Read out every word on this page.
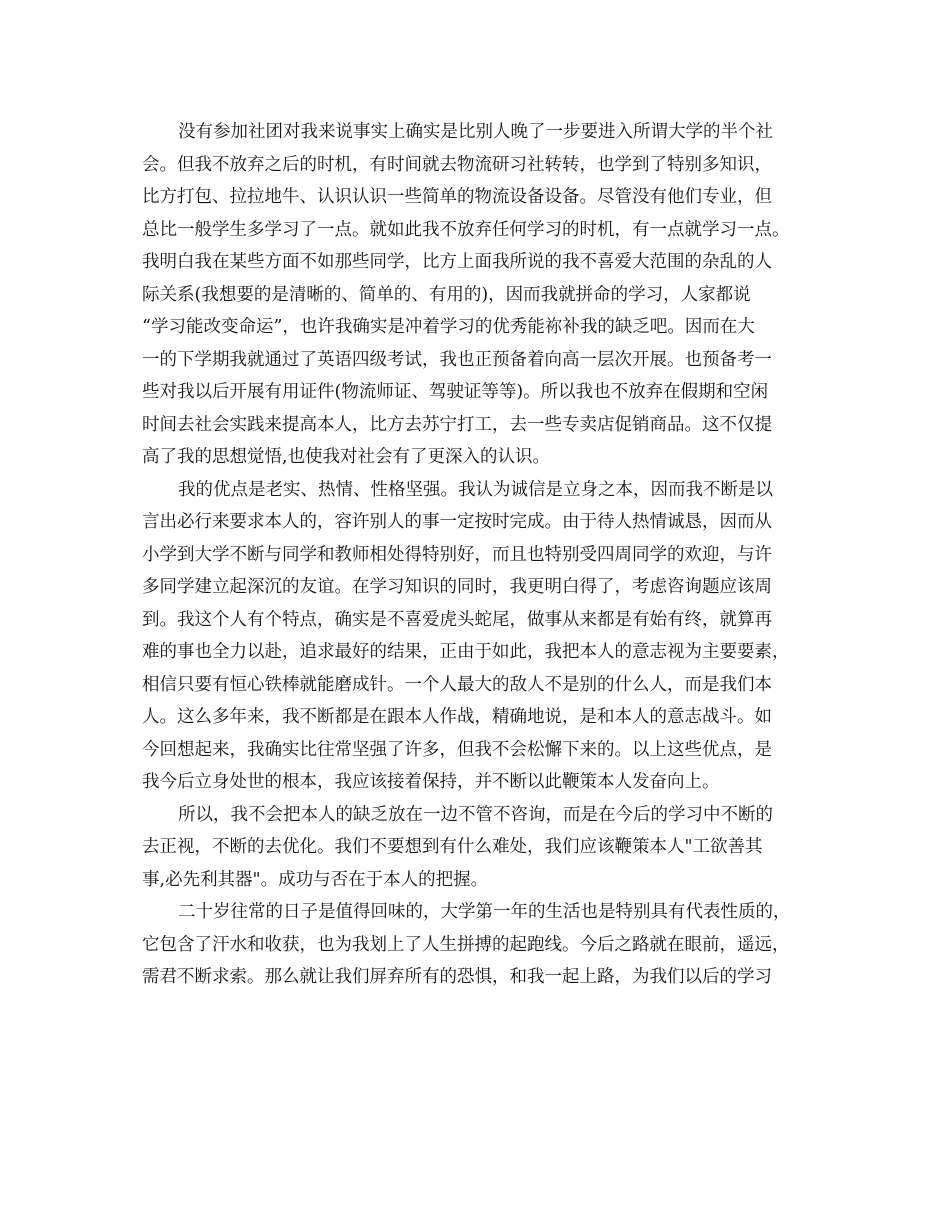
没有参加社团对我来说事实上确实是比别人晚了一步要进入所谓大学的半个社
会。但我不放弃之后的时机，有时间就去物流研习社转转，也学到了特别多知识，
比方打包、拉拉地牛、认识认识一些简单的物流设备设备。尽管没有他们专业，但
总比一般学生多学习了一点。就如此我不放弃任何学习的时机，有一点就学习一点。
我明白我在某些方面不如那些同学，比方上面我所说的我不喜爱大范围的杂乱的人
际关系(我想要的是清晰的、简单的、有用的)，因而我就拼命的学习，人家都说
“学习能改变命运”，也许我确实是冲着学习的优秀能祢补我的缺乏吧。因而在大
一的下学期我就通过了英语四级考试，我也正预备着向高一层次开展。也预备考一
些对我以后开展有用证件(物流师证、驾驶证等等)。所以我也不放弃在假期和空闲
时间去社会实践来提高本人，比方去苏宁打工，去一些专卖店促销商品。这不仅提
高了我的思想觉悟,也使我对社会有了更深入的认识。

我的优点是老实、热情、性格坚强。我认为诚信是立身之本，因而我不断是以
言出必行来要求本人的，容许别人的事一定按时完成。由于待人热情诚恳，因而从
小学到大学不断与同学和教师相处得特别好，而且也特别受四周同学的欢迎，与许
多同学建立起深沉的友谊。在学习知识的同时，我更明白得了，考虑咨询题应该周
到。我这个人有个特点，确实是不喜爱虎头蛇尾，做事从来都是有始有终，就算再
难的事也全力以赴，追求最好的结果，正由于如此，我把本人的意志视为主要要素，
相信只要有恒心铁棒就能磨成针。一个人最大的敌人不是别的什么人，而是我们本
人。这么多年来，我不断都是在跟本人作战，精确地说，是和本人的意志战斗。如
今回想起来，我确实比往常坚强了许多，但我不会松懈下来的。以上这些优点，是
我今后立身处世的根本，我应该接着保持，并不断以此鞭策本人发奋向上。

所以，我不会把本人的缺乏放在一边不管不咨询，而是在今后的学习中不断的
去正视，不断的去优化。我们不要想到有什么难处，我们应该鞭策本人"工欲善其
事,必先利其器"。成功与否在于本人的把握。

二十岁往常的日子是值得回味的，大学第一年的生活也是特别具有代表性质的，
它包含了汗水和收获，也为我划上了人生拼搏的起跑线。今后之路就在眼前，遥远，
需君不断求索。那么就让我们屏弃所有的恐惧，和我一起上路，为我们以后的学习
